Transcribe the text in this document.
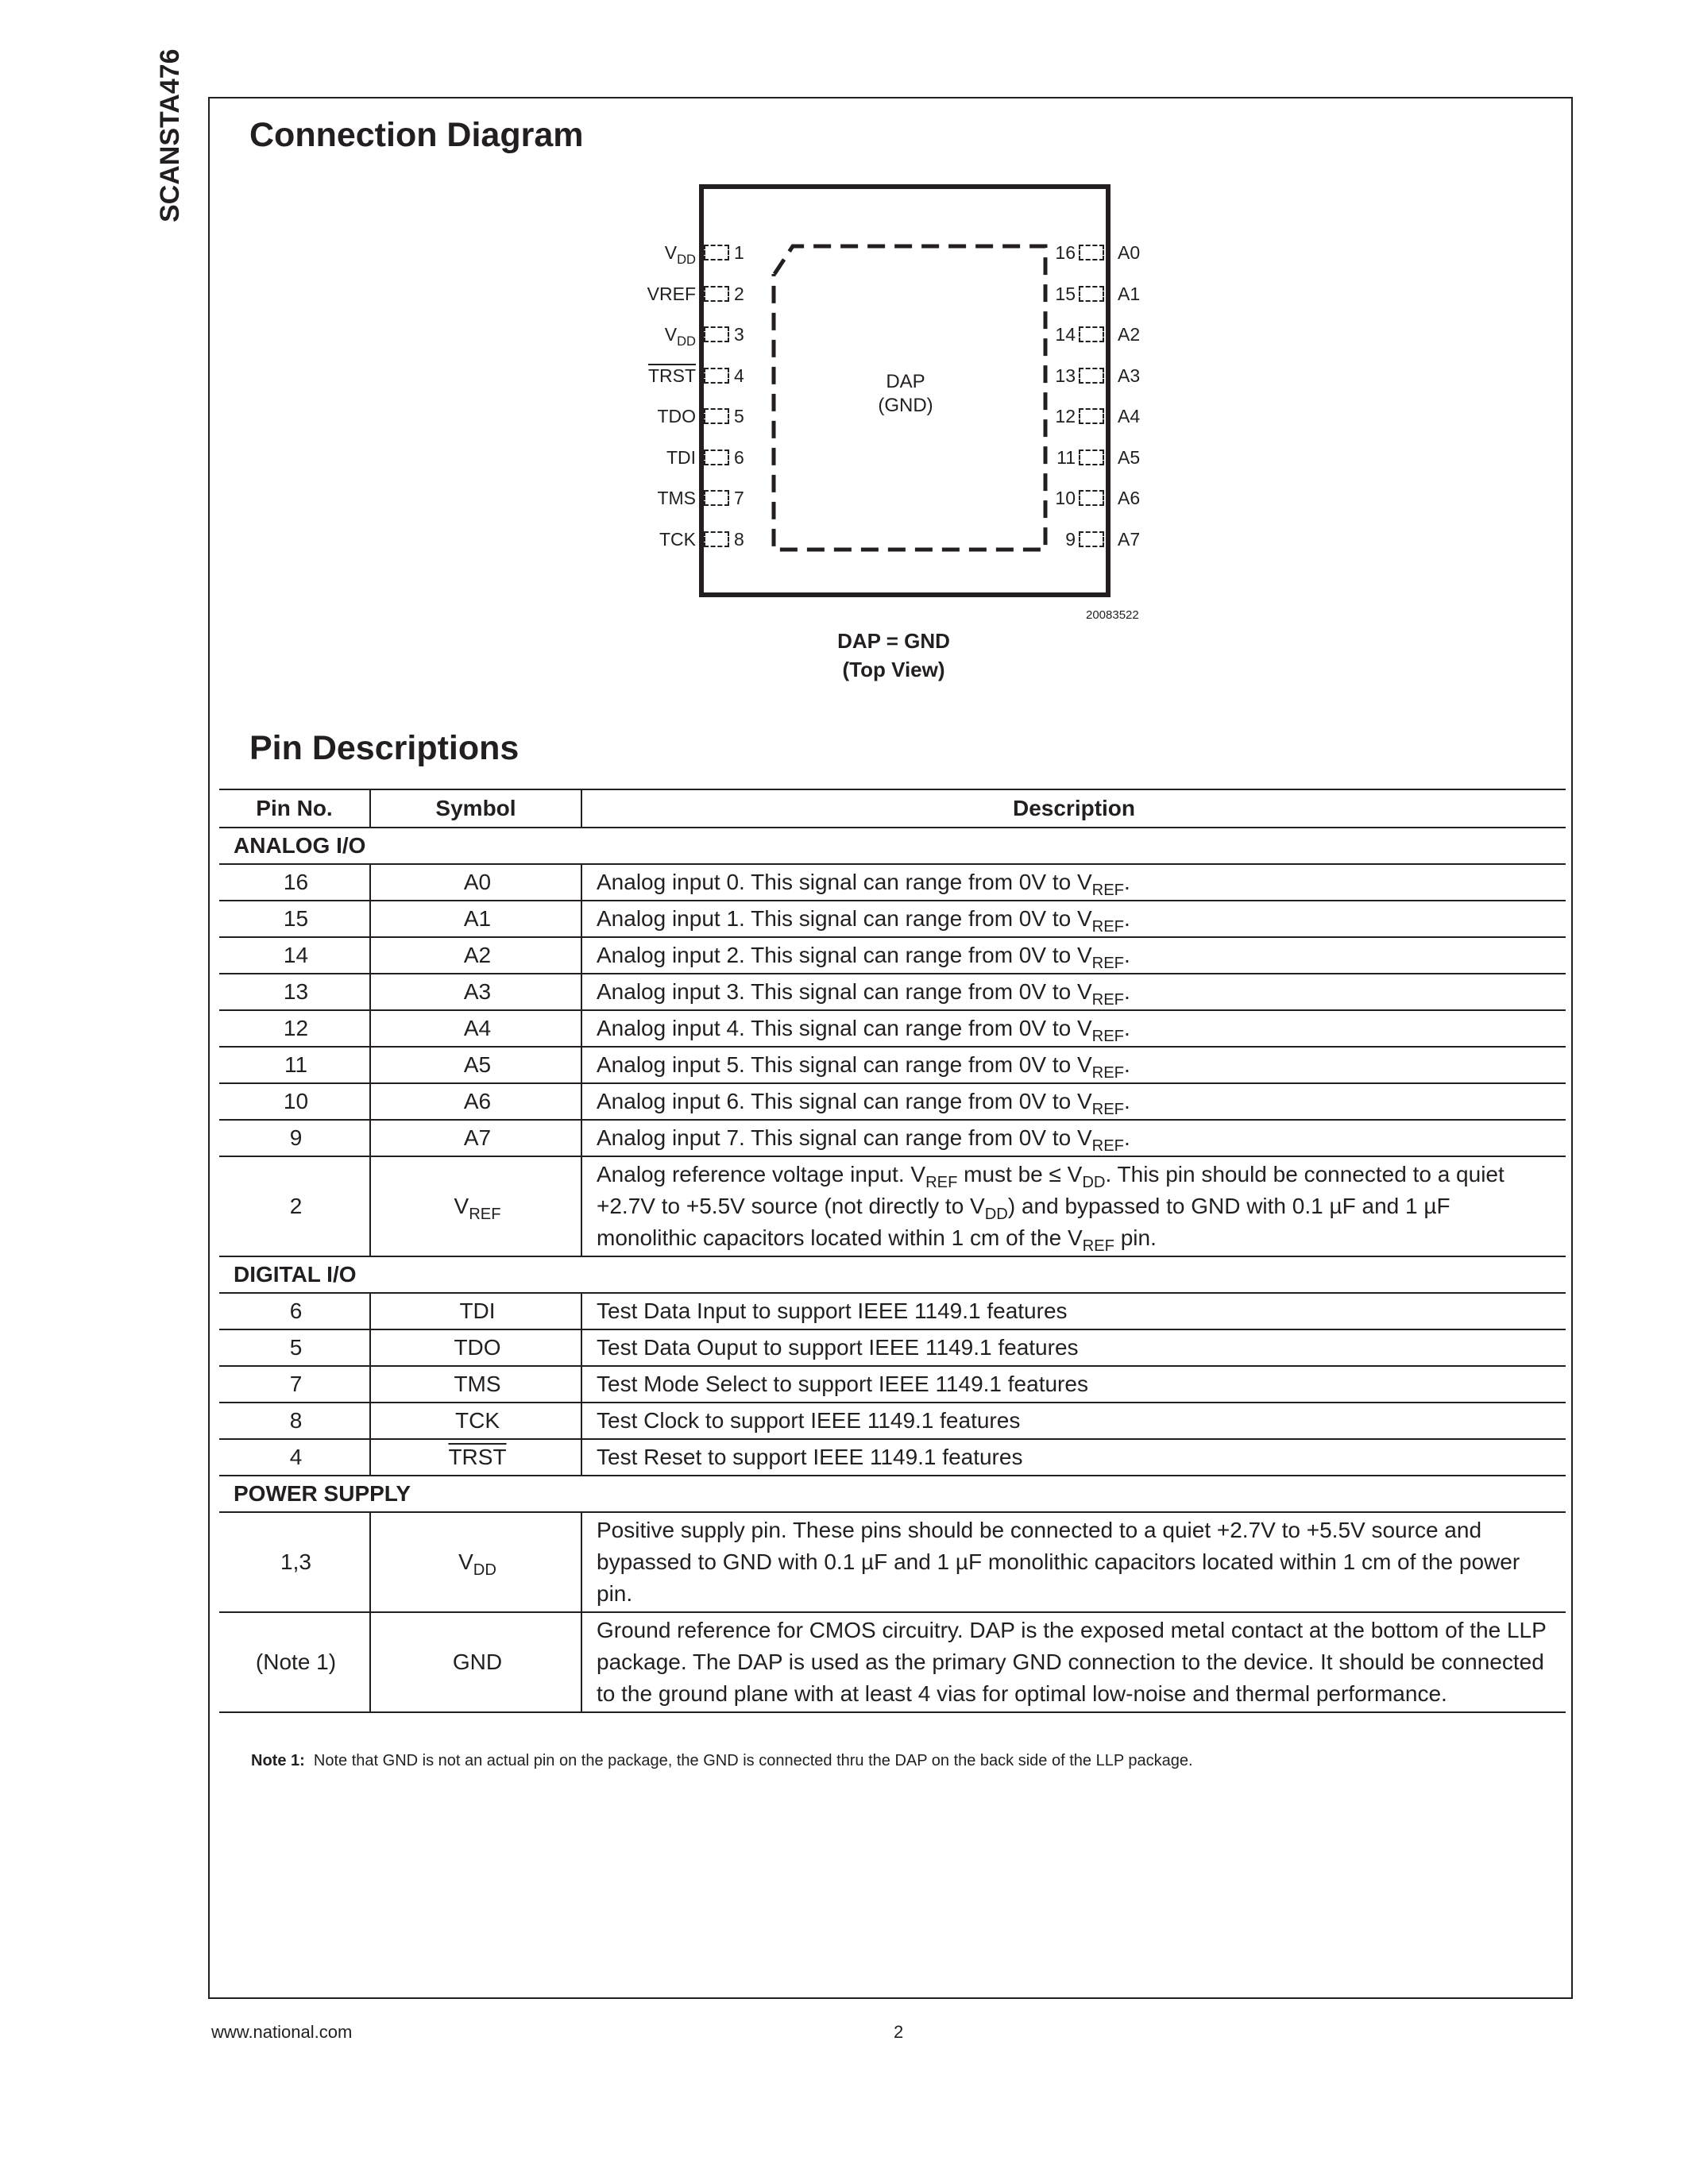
SCANSTA476 Connection Diagram
DAP
(GND)
1
$V_{DD}$
2
VREF
3
$V_{DD}$
4
TRST
5
TDO
6
TDI
7
TMS
8
TCK
16 A0
15 A1
14 A2
13 A3
12 A4
11 A5
10 A6
9 A7
20083522
DAP = GND
(Top View)
Pin Descriptions
Pin No.	Symbol	Description
ANALOG I/O		
16	A0	Analog input 0. This signal can range from 0V to $V_{REF}$.
15	A1	Analog input 1. This signal can range from 0V to $V_{REF}$.
14	A2	Analog input 2. This signal can range from 0V to $V_{REF}$.
13	A3	Analog input 3. This signal can range from 0V to $V_{REF}$.
12	A4	Analog input 4. This signal can range from 0V to $V_{REF}$.
11	A5	Analog input 5. This signal can range from 0V to $V_{REF}$.
10	A6	Analog input 6. This signal can range from 0V to $V_{REF}$.
9	A7	Analog input 7. This signal can range from 0V to $V_{REF}$.
2	$V_{REF}$	Analog reference voltage input. $V_{REF}$ must be ≤ $V_{DD}$. This pin should be connected to a quiet +2.7V to +5.5V source (not directly to $V_{DD}$) and bypassed to GND with 0.1 µF and 1 µF monolithic capacitors located within 1 cm of the $V_{REF}$ pin.
DIGITAL I/O		
6	TDI	Test Data Input to support IEEE 1149.1 features
5	TDO	Test Data Ouput to support IEEE 1149.1 features
7	TMS	Test Mode Select to support IEEE 1149.1 features
8	TCK	Test Clock to support IEEE 1149.1 features
4	TRST	Test Reset to support IEEE 1149.1 features
POWER SUPPLY		
1,3	$V_{DD}$	Positive supply pin. These pins should be connected to a quiet +2.7V to +5.5V source and bypassed to GND with 0.1 µF and 1 µF monolithic capacitors located within 1 cm of the power pin.
(Note 1)	GND	Ground reference for CMOS circuitry. DAP is the exposed metal contact at the bottom of the LLP package. The DAP is used as the primary GND connection to the device. It should be connected to the ground plane with at least 4 vias for optimal low-noise and thermal performance.
Note 1: Note that GND is not an actual pin on the package, the GND is connected thru the DAP on the back side of the LLP package.
www.national.com	2
